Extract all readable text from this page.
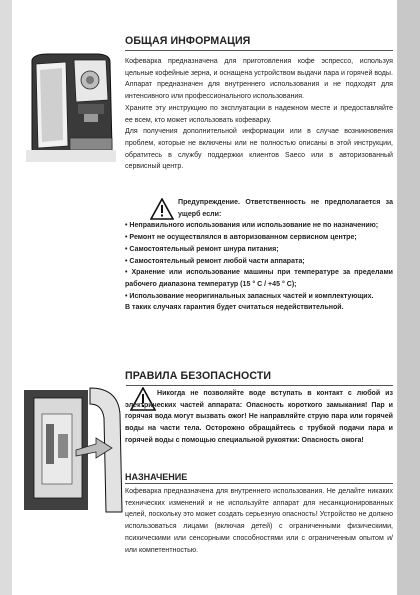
ОБЩАЯ ИНФОРМАЦИЯ

Кофеварка предназначена для приготовления кофе эспрессо, используя цельные кофейные зерна, и оснащена устройством выдачи пара и горячей воды.

Аппарат предназначен для внутреннего использования и не подходят для интенсивного или профессионального использования.

Храните эту инструкцию по эксплуатации в надежном месте и предоставляйте ее всем, кто может использовать кофеварку.

Для получения дополнительной информации или в случае возникновения проблем, которые не включены или не полностью описаны в этой инструкции, обратитесь в службу поддержки клиентов Saeco или в авторизованный сервисный центр.

Предупреждение. Ответственность не предполагается за ущерб если:

• Неправильного использования или использование не по назначению;

• Ремонт не осуществлялся в авторизованном сервисном центре;

• Самостоятельный ремонт шнура питания;

• Самостоятельный ремонт любой части аппарата;

• Хранение или использование машины при температуре за пределами рабочего диапазона температур (15 ° C / +45 ° C);

• Использование неоригинальных запасных частей и комплектующих.

В таких случаях гарантия будет считаться недействительной.

ПРАВИЛА БЕЗОПАСНОСТИ

Никогда не позволяйте воде вступать в контакт с любой из электрических частей аппарата: Опасность короткого замыкания! Пар и горячая вода могут вызвать ожог! Не направляйте струю пара или горячей воды на части тела. Осторожно обращайтесь с трубкой подачи пара и горячей воды с помощью специальной рукоятки: Опасность ожога!

НАЗНАЧЕНИЕ

Кофеварка предназначена для внутреннего использования. Не делайте никаких технических изменений и не используйте аппарат для несанкционированных целей, поскольку это может создать серьезную опасность! Устройство не должно использоваться лицами (включая детей) с ограниченными физическими, психическими или сенсорными способностями или с ограниченным опытом и/или компетентностью.
